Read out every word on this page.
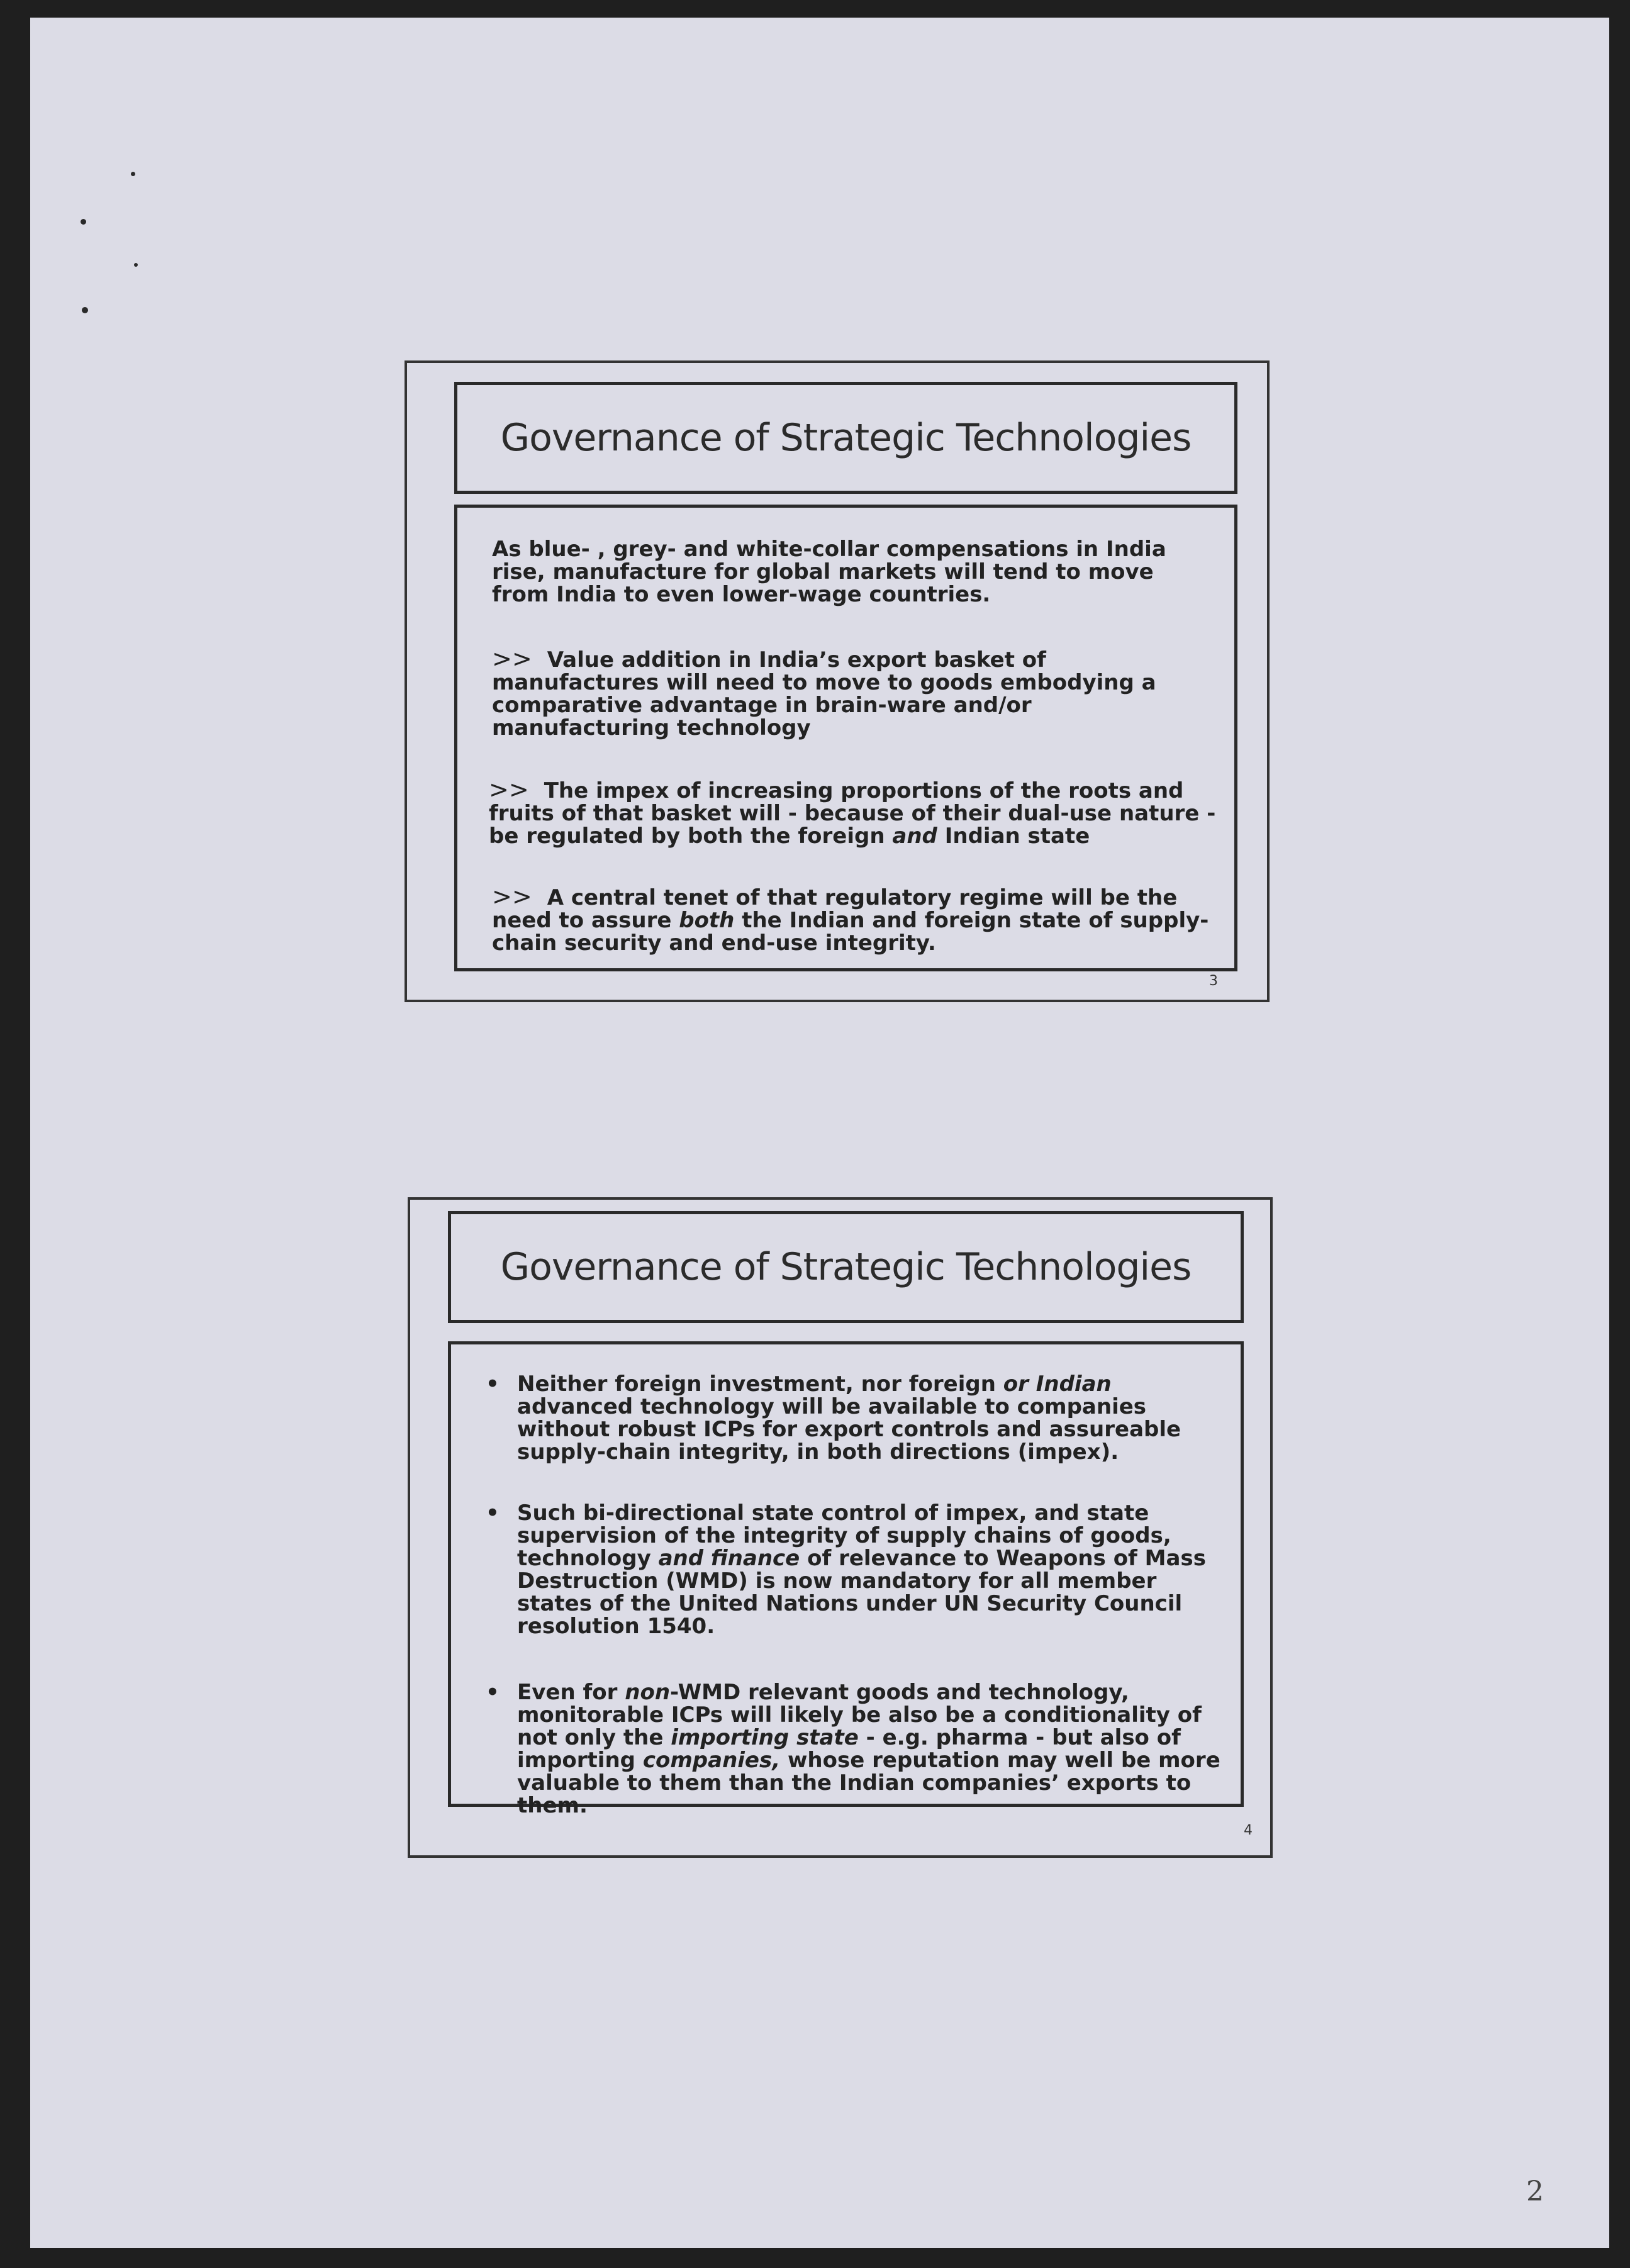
Governance of Strategic Technologies
As blue- , grey- and white-collar compensations in India rise, manufacture for global markets will tend to move from India to even lower-wage countries.
>> Value addition in India’s export basket of manufactures will need to move to goods embodying a comparative advantage in brain-ware and/or manufacturing technology
>> The impex of increasing proportions of the roots and fruits of that basket will - because of their dual-use nature - be regulated by both the foreign and Indian state
>> A central tenet of that regulatory regime will be the need to assure both the Indian and foreign state of supply-chain security and end-use integrity.
3
Governance of Strategic Technologies
• Neither foreign investment, nor foreign or Indian advanced technology will be available to companies without robust ICPs for export controls and assureable supply-chain integrity, in both directions (impex).
• Such bi-directional state control of impex, and state supervision of the integrity of supply chains of goods, technology and finance of relevance to Weapons of Mass Destruction (WMD) is now mandatory for all member states of the United Nations under UN Security Council resolution 1540.
• Even for non-WMD relevant goods and technology, monitorable ICPs will likely be also be a conditionality of not only the importing state - e.g. pharma - but also of importing companies, whose reputation may well be more valuable to them than the Indian companies’ exports to them.
4
2
